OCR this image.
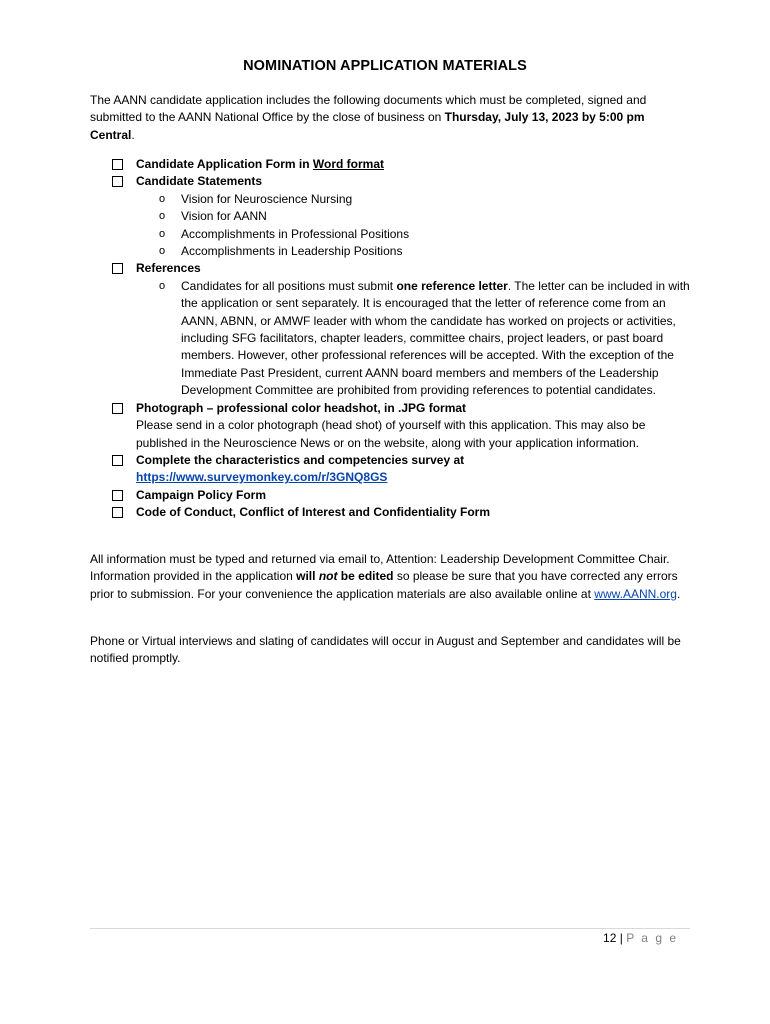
NOMINATION APPLICATION MATERIALS

The AANN candidate application includes the following documents which must be completed, signed and submitted to the AANN National Office by the close of business on Thursday, July 13, 2023 by 5:00 pm Central.

Candidate Application Form in Word format
Candidate Statements
o	Vision for Neuroscience Nursing
o	Vision for AANN
o	Accomplishments in Professional Positions
o	Accomplishments in Leadership Positions
References
o	Candidates for all positions must submit one reference letter. The letter can be included in with the application or sent separately. It is encouraged that the letter of reference come from an AANN, ABNN, or AMWF leader with whom the candidate has worked on projects or activities, including SFG facilitators, chapter leaders, committee chairs, project leaders, or past board members. However, other professional references will be accepted. With the exception of the Immediate Past President, current AANN board members and members of the Leadership Development Committee are prohibited from providing references to potential candidates.
Photograph – professional color headshot, in .JPG format
Please send in a color photograph (head shot) of yourself with this application. This may also be published in the Neuroscience News or on the website, along with your application information.
Complete the characteristics and competencies survey at
https://www.surveymonkey.com/r/3GNQ8GS
Campaign Policy Form
Code of Conduct, Conflict of Interest and Confidentiality Form

All information must be typed and returned via email to, Attention: Leadership Development Committee Chair. Information provided in the application will not be edited so please be sure that you have corrected any errors prior to submission. For your convenience the application materials are also available online at www.AANN.org.

Phone or Virtual interviews and slating of candidates will occur in August and September and candidates will be notified promptly.

12 | P a g e
